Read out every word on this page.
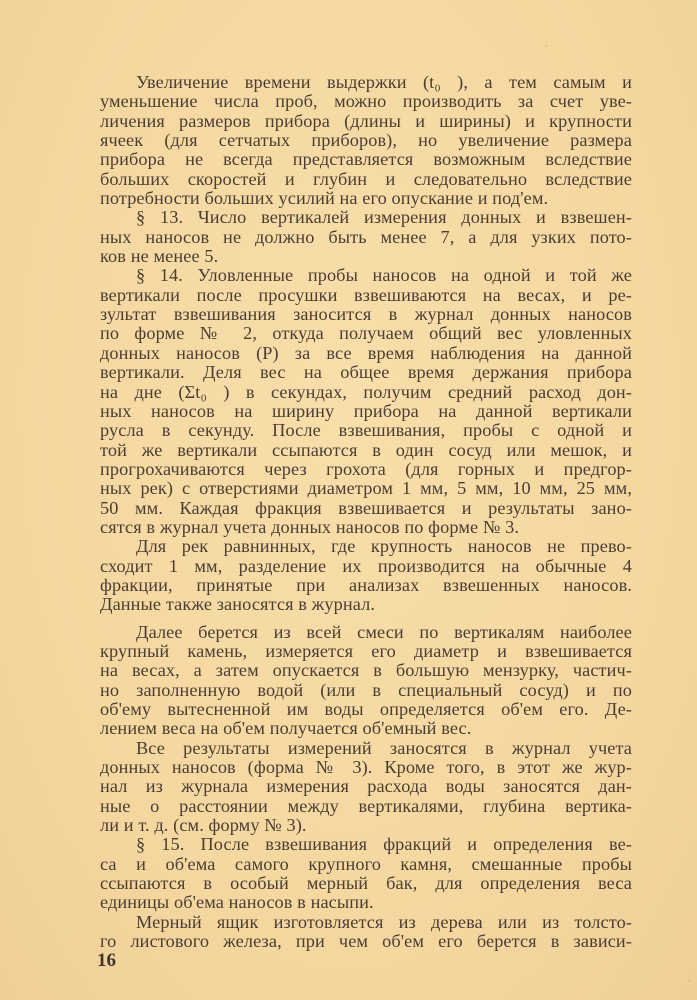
Увеличение времени выдержки (t₀ ), а тем самым и
уменьшение числа проб, можно производить за счет уве-
личения размеров прибора (длины и ширины) и крупности
ячеек (для сетчатых приборов), но увеличение размера
прибора не всегда представляется возможным вследствие
больших скоростей и глубин и следовательно вследствие
потребности больших усилий на его опускание и под'ем.
§ 13. Число вертикалей измерения донных и взвешен-
ных наносов не должно быть менее 7, а для узких пото-
ков не менее 5.
§ 14. Уловленные пробы наносов на одной и той же
вертикали после просушки взвешиваются на весах, и ре-
зультат взвешивания заносится в журнал донных наносов
по форме № 2, откуда получаем общий вес уловленных
донных наносов (P) за все время наблюдения на данной
вертикали. Деля вес на общее время держания прибора
на дне (Σt₀ ) в секундах, получим средний расход дон-
ных наносов на ширину прибора на данной вертикали
русла в секунду. После взвешивания, пробы с одной и
той же вертикали ссыпаются в один сосуд или мешок, и
прогрохачиваются через грохота (для горных и предгор-
ных рек) с отверстиями диаметром 1 мм, 5 мм, 10 мм, 25 мм,
50 мм. Каждая фракция взвешивается и результаты зано-
сятся в журнал учета донных наносов по форме № 3.
Для рек равнинных, где крупность наносов не прево-
сходит 1 мм, разделение их производится на обычные 4
фракции, принятые при анализах взвешенных наносов.
Данные также заносятся в журнал.
Далее берется из всей смеси по вертикалям наиболее
крупный камень, измеряется его диаметр и взвешивается
на весах, а затем опускается в большую мензурку, частич-
но заполненную водой (или в специальный сосуд) и по
об'ему вытесненной им воды определяется об'ем его. Де-
лением веса на об'ем получается об'емный вес.
Все результаты измерений заносятся в журнал учета
донных наносов (форма № 3). Кроме того, в этот же жур-
нал из журнала измерения расхода воды заносятся дан-
ные о расстоянии между вертикалями, глубина вертика-
ли и т. д. (см. форму № 3).
§ 15. После взвешивания фракций и определения ве-
са и об'ема самого крупного камня, смешанные пробы
ссыпаются в особый мерный бак, для определения веса
единицы об'ема наносов в насыпи.
Мерный ящик изготовляется из дерева или из толсто-
го листового железа, при чем об'ем его берется в зависи-
16
